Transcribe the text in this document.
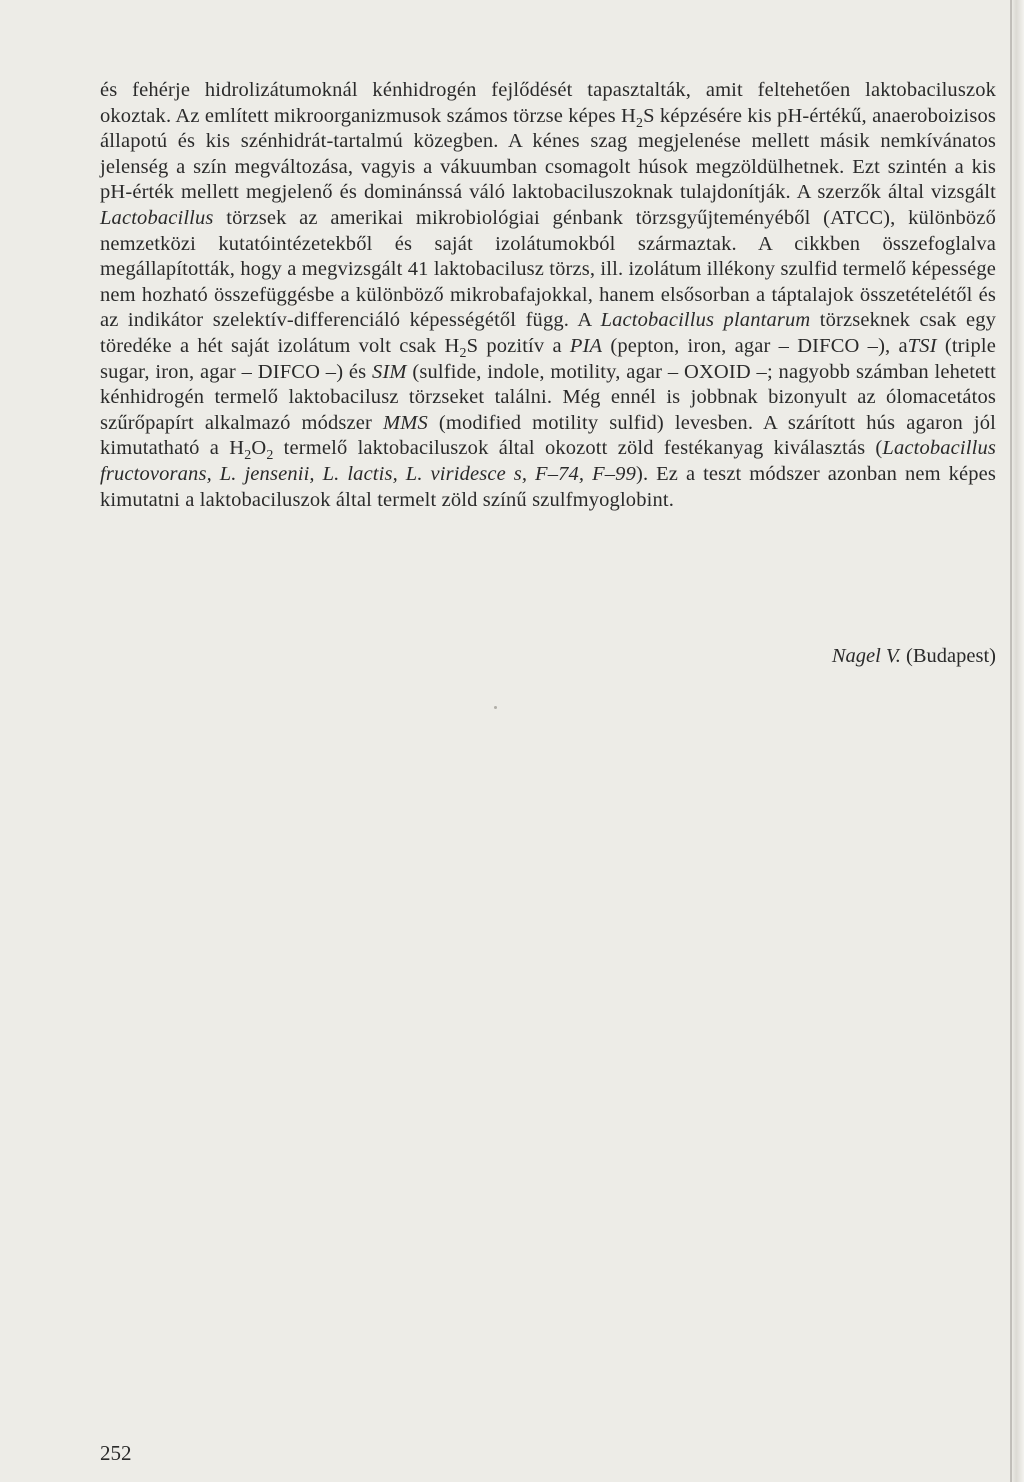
és fehérje hidrolizátumoknál kénhidrogén fejlődését tapasztalták, amit feltehetően laktobaciluszok okoztak. Az említett mikroorganizmusok számos törzse képes $H_2S$ képzésére kis pH-értékű, anaeroboizisos állapotú és kis szénhidrát-tartalmú közegben. A kénes szag megjelenése mellett másik nemkívánatos jelenség a szín megváltozása, vagyis a vákuumban csomagolt húsok megzöldülhetnek. Ezt szintén a kis pH-érték mellett megjelenő és dominánssá váló laktobaciluszoknak tulajdonítják. A szerzők által vizsgált Lactobacillus törzsek az amerikai mikrobiológiai génbank törzsgyűjteményéből (ATCC), különböző nemzetközi kutatóintézetekből és saját izolátumokból származtak. A cikkben összefoglalva megállapították, hogy a megvizsgált 41 laktobacilusz törzs, ill. izolátum illékony szulfid termelő képessége nem hozható összefüggésbe a különböző mikrobafajokkal, hanem elsősorban a táptalajok összetételétől és az indikátor szelektív-differenciáló képességétől függ. A Lactobacillus plantarum törzseknek csak egy töredéke a hét saját izolátum volt csak $H_2S$ pozitív a PIA (pepton, iron, agar – DIFCO –), aTSI (triple sugar, iron, agar – DIFCO –) és SIM (sulfide, indole, motility, agar – OXOID –; nagyobb számban lehetett kénhidrogén termelő laktobacilusz törzseket találni. Még ennél is jobbnak bizonyult az ólomacetátos szűrőpapírt alkalmazó módszer MMS (modified motility sulfid) levesben. A szárított hús agaron jól kimutatható a $H_2O_2$ termelő laktobaciluszok által okozott zöld festékanyag kiválasztás (Lactobacillus fructovorans, L. jensenii, L. lactis, L. viridesce s, F–74, F–99). Ez a teszt módszer azonban nem képes kimutatni a laktobaciluszok által termelt zöld színű szulfmyoglobint.

Nagel V. (Budapest)

252
